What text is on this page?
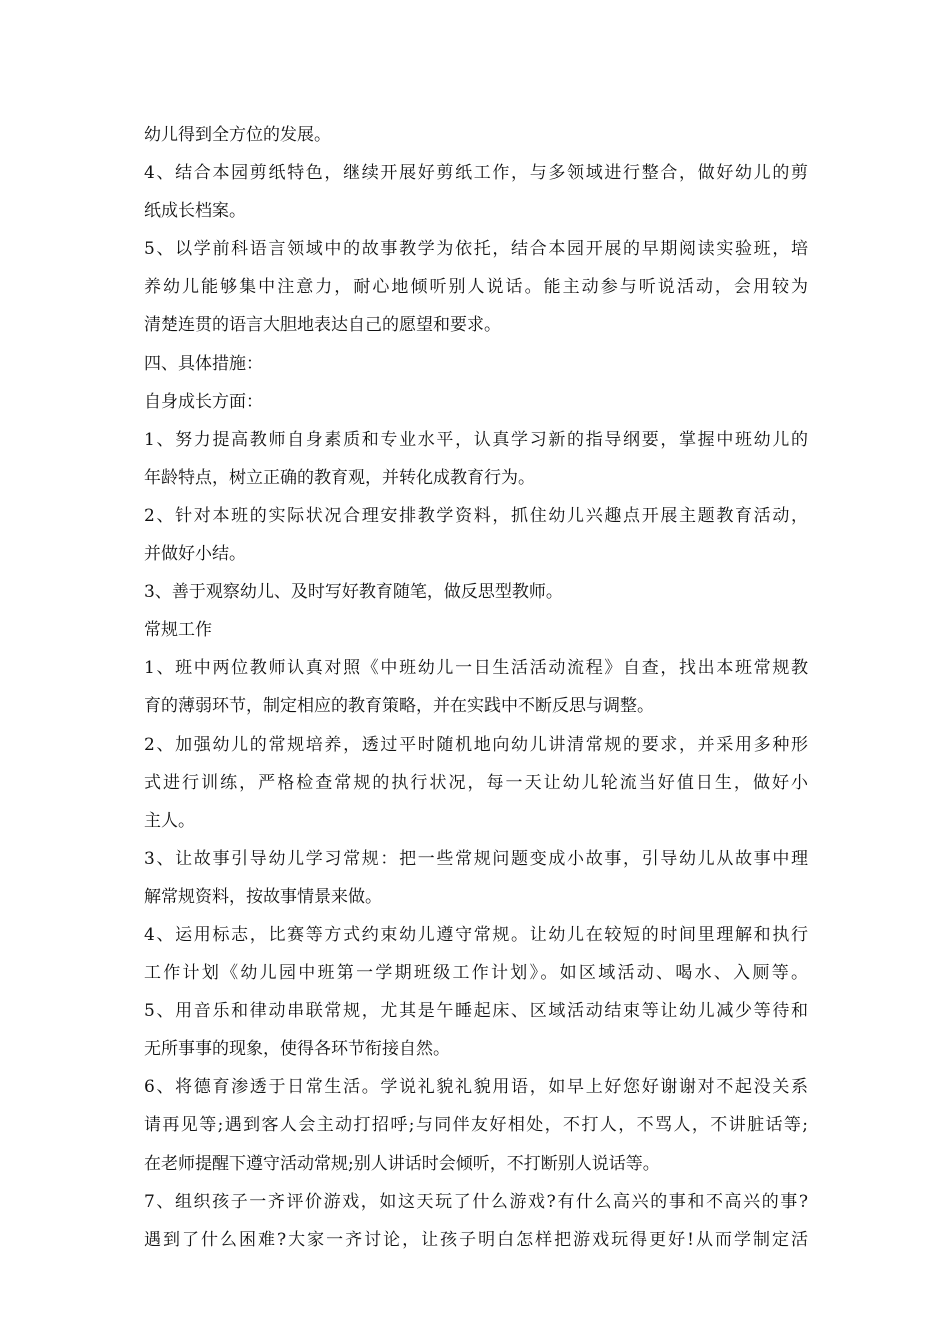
幼儿得到全方位的发展。
4、结合本园剪纸特色，继续开展好剪纸工作，与多领域进行整合，做好幼儿的剪
纸成长档案。
5、以学前科语言领域中的故事教学为依托，结合本园开展的早期阅读实验班，培
养幼儿能够集中注意力，耐心地倾听别人说话。能主动参与听说活动，会用较为
清楚连贯的语言大胆地表达自己的愿望和要求。
四、具体措施：
自身成长方面：
1、努力提高教师自身素质和专业水平，认真学习新的指导纲要，掌握中班幼儿的
年龄特点，树立正确的教育观，并转化成教育行为。
2、针对本班的实际状况合理安排教学资料，抓住幼儿兴趣点开展主题教育活动，
并做好小结。
3、善于观察幼儿、及时写好教育随笔，做反思型教师。
常规工作
1、班中两位教师认真对照《中班幼儿一日生活活动流程》自查，找出本班常规教
育的薄弱环节，制定相应的教育策略，并在实践中不断反思与调整。
2、加强幼儿的常规培养，透过平时随机地向幼儿讲清常规的要求，并采用多种形
式进行训练，严格检查常规的执行状况，每一天让幼儿轮流当好值日生，做好小
主人。
3、让故事引导幼儿学习常规：把一些常规问题变成小故事，引导幼儿从故事中理
解常规资料，按故事情景来做。
4、运用标志，比赛等方式约束幼儿遵守常规。让幼儿在较短的时间里理解和执行
工作计划《幼儿园中班第一学期班级工作计划》。如区域活动、喝水、入厕等。
5、用音乐和律动串联常规，尤其是午睡起床、区域活动结束等让幼儿减少等待和
无所事事的现象，使得各环节衔接自然。
6、将德育渗透于日常生活。学说礼貌礼貌用语，如早上好您好谢谢对不起没关系
请再见等;遇到客人会主动打招呼;与同伴友好相处，不打人，不骂人，不讲脏话等;
在老师提醒下遵守活动常规;别人讲话时会倾听，不打断别人说话等。
7、组织孩子一齐评价游戏，如这天玩了什么游戏?有什么高兴的事和不高兴的事?
遇到了什么困难?大家一齐讨论，让孩子明白怎样把游戏玩得更好!从而学制定活
